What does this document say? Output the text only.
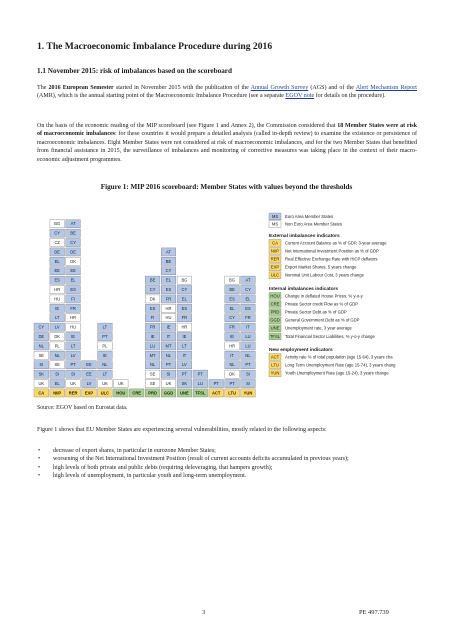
1. The Macroeconomic Imbalance Procedure during 2016
1.1 November 2015: risk of imbalances based on the scoreboard
The 2016 European Semester started in November 2015 with the publication of the Annual Growth Survey (AGS) and of the Alert Mechanism Report (AMR), which is the annual starting point of the Macroeconomic Imbalance Procedure (see a separate EGOV note for details on the procedure).
On the basis of the economic reading of the MIP scoreboard (see Figure 1 and Annex 2), the Commission considered that 18 Member States were at risk of macroeconomic imbalances: for these countries it would prepare a detailed analysis (called in-depth review) to examine the existence or persistence of macroeconomic imbalances. Eight Member States were not considered at risk of macroeconomic imbalances, and for the two Member States that benefitted from financial assistance in 2015, the surveillance of imbalances and monitoring of corrective measures was taking place in the context of their macro-economic adjustment programmes.
Figure 1: MIP 2016 scoreboard: Member States with values beyond the thresholds
CA
UK
SK
SI
SE
NL
DE
CY
NIIP
EL
SI
SE
NL
PL
DK
LV
LT
IE
HU
HR
ES
EE
EL
DE
CZ
CY
BG
RER
UK
SI
PT
LV
LT
IE
HU
HR
FR
FI
ES
EL
EE
DK
DE
CY
BE
AT
EXP
LV
EE
EE
ULC
UK
LT
NL
IE
PL
PT
LT
HOU
UK
CRE PRD
SE
SE
NL
MT
LU
IE
FR
FI
ES
DK
CY
BE
GGD
UK
SI
PT
NL
MT
IT
IE
HU
HR
FR
ES
EL
CY
BE
AT
UNE
SK
PT
LV
IT
LT
IE
HR
FR
ES
EL
CY
BG
TFSL
LU
PT
ACT
PT
LTU
PT
DK
NL
IT
HR
IE
FR
CY
EL
ES
BE
BG
YUN
SI
SI
PT
NL
LU
LU
IT
FR
ES
EL
CY
AT
MS Euro Area Member States
MS Non Euro Area Member States
External imbalances indicators
CA Current Account Balance as % of GDP, 3-year average
NIIP Net International Investment Position as % of GDP
RER Real Effective Exchange Rate with HICP deflators
EXP Export Market Shares, 5 years change
ULC Nominal Unit Labour Cost, 3 years change
Internal imbalances indicators
HOU Change in deflated House Prices, % y-o-y
CRE Private Sector credit Flow as % of GDP
PRD Private Sector Debt as % of GDP
GGD General Government Debt as % of GDP
UNE Unemployment rate, 3 year average
TFSL Total Financial Sector Liabilities, % y-o-y change
New employment indicators
ACT Activity rate % of total population (age 15-64), 3 years cha
LTU Long Term Unemployment Rate (age 15-74), 3 years chang
YUN Youth Unemployment Rate (age 15-24), 3 years change
Source: EGOV based on Eurostat data.
Figure 1 shows that EU Member States are experiencing several vulnerabilities, mostly related to the following aspects:
• decrease of export shares, in particular in eurozone Member States;
• worsening of the Net International Investment Position (result of current accounts deficits accumulated in previous years);
• high levels of both private and public debts (requiring deleveraging, that hampers growth);
• high levels of unemployment, in particular youth and long-term unemployment.
3	PE 497.739
